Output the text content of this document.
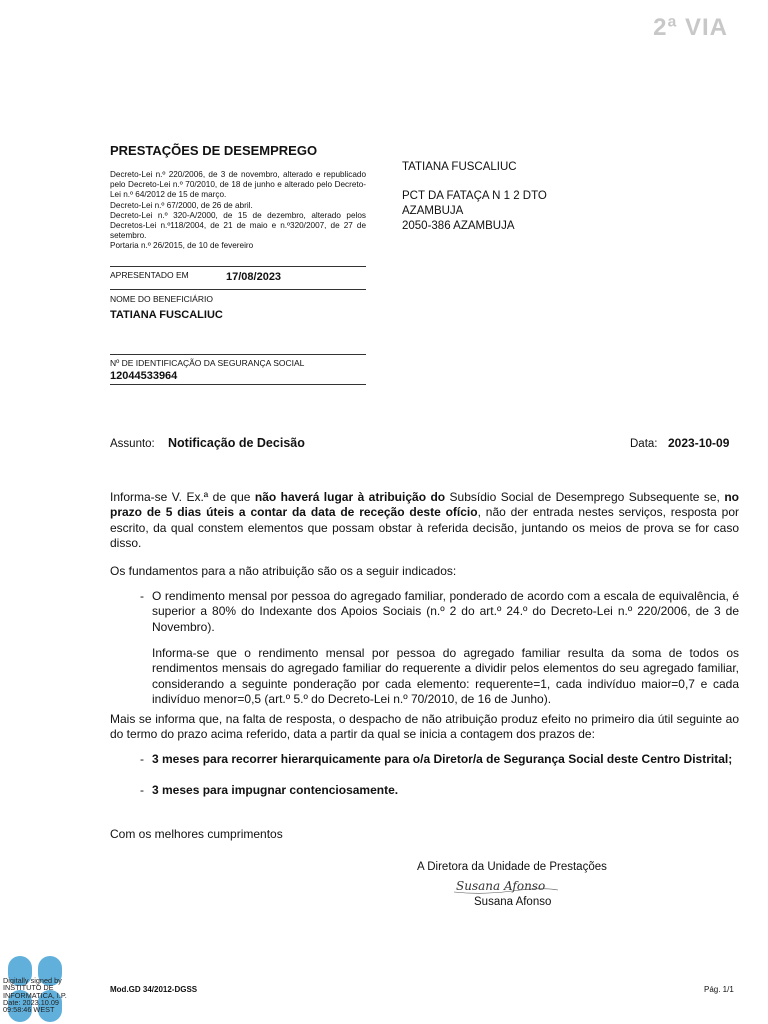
2ª VIA
PRESTAÇÕES DE DESEMPREGO
Decreto-Lei n.º 220/2006, de 3 de novembro, alterado e republicado pelo Decreto-Lei n.º 70/2010, de 18 de junho e alterado pelo Decreto-Lei n.º 64/2012 de 15 de março.
Decreto-Lei n.º 67/2000, de 26 de abril.
Decreto-Lei n.º 320-A/2000, de 15 de dezembro, alterado pelos Decretos-Lei n.º118/2004, de 21 de maio e n.º320/2007, de 27 de setembro.
Portaria n.º 26/2015, de 10 de fevereiro
TATIANA FUSCALIUC
PCT DA FATAÇA N 1 2 DTO
AZAMBUJA
2050-386 AZAMBUJA
APRESENTADO EM	17/08/2023
NOME DO BENEFICIÁRIO
TATIANA FUSCALIUC
Nº DE IDENTIFICAÇÃO DA SEGURANÇA SOCIAL
12044533964
Assunto: Notificação de Decisão	Data: 2023-10-09
Informa-se V. Ex.ª de que não haverá lugar à atribuição do Subsídio Social de Desemprego Subsequente se, no prazo de 5 dias úteis a contar da data de receção deste ofício, não der entrada nestes serviços, resposta por escrito, da qual constem elementos que possam obstar à referida decisão, juntando os meios de prova se for caso disso.
Os fundamentos para a não atribuição são os a seguir indicados:
- O rendimento mensal por pessoa do agregado familiar, ponderado de acordo com a escala de equivalência, é superior a 80% do Indexante dos Apoios Sociais (n.º 2 do art.º 24.º do Decreto-Lei n.º 220/2006, de 3 de Novembro).
Informa-se que o rendimento mensal por pessoa do agregado familiar resulta da soma de todos os rendimentos mensais do agregado familiar do requerente a dividir pelos elementos do seu agregado familiar, considerando a seguinte ponderação por cada elemento: requerente=1, cada indivíduo maior=0,7 e cada indivíduo menor=0,5 (art.º 5.º do Decreto-Lei n.º 70/2010, de 16 de Junho).
Mais se informa que, na falta de resposta, o despacho de não atribuição produz efeito no primeiro dia útil seguinte ao do termo do prazo acima referido, data a partir da qual se inicia a contagem dos prazos de:
- 3 meses para recorrer hierarquicamente para o/a Diretor/a de Segurança Social deste Centro Distrital;
- 3 meses para impugnar contenciosamente.
Com os melhores cumprimentos
A Diretora da Unidade de Prestações
Susana Afonso
Susana Afonso
Digitally signed by
INSTITUTO DE
INFORMATICA, I.P.
Date: 2023.10.09
09:58:46 WEST
Mod.GD 34/2012-DGSS	Pág. 1/1
